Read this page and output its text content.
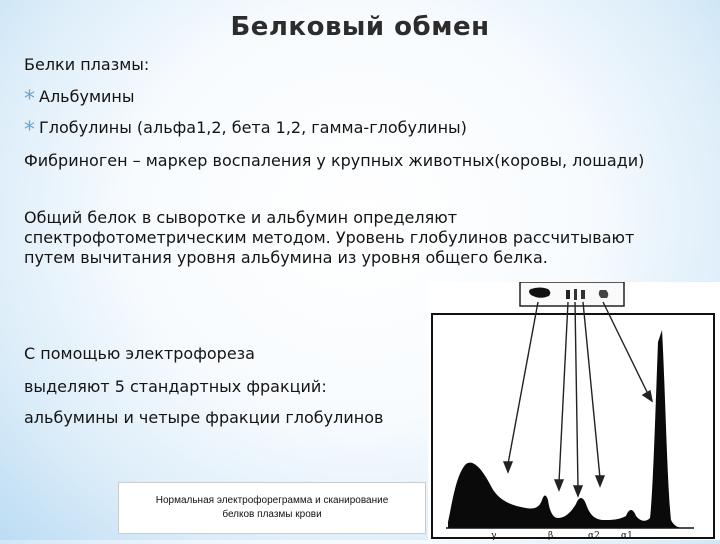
Белковый обмен
Белки плазмы:
* Альбумины
* Глобулины (альфа1,2, бета 1,2, гамма-глобулины)
Фибриноген – маркер воспаления у крупных животных(коровы, лошади)
Общий белок в сыворотке и альбумин определяют спектрофотометрическим методом. Уровень глобулинов рассчитывают путем вычитания уровня альбумина из уровня общего белка.
γ	β	α2 α1
С помощью электрофореза
выделяют 5 стандартных фракций:
альбумины и четыре фракции глобулинов
Нормальная электрофореграмма и сканирование
белков плазмы крови
